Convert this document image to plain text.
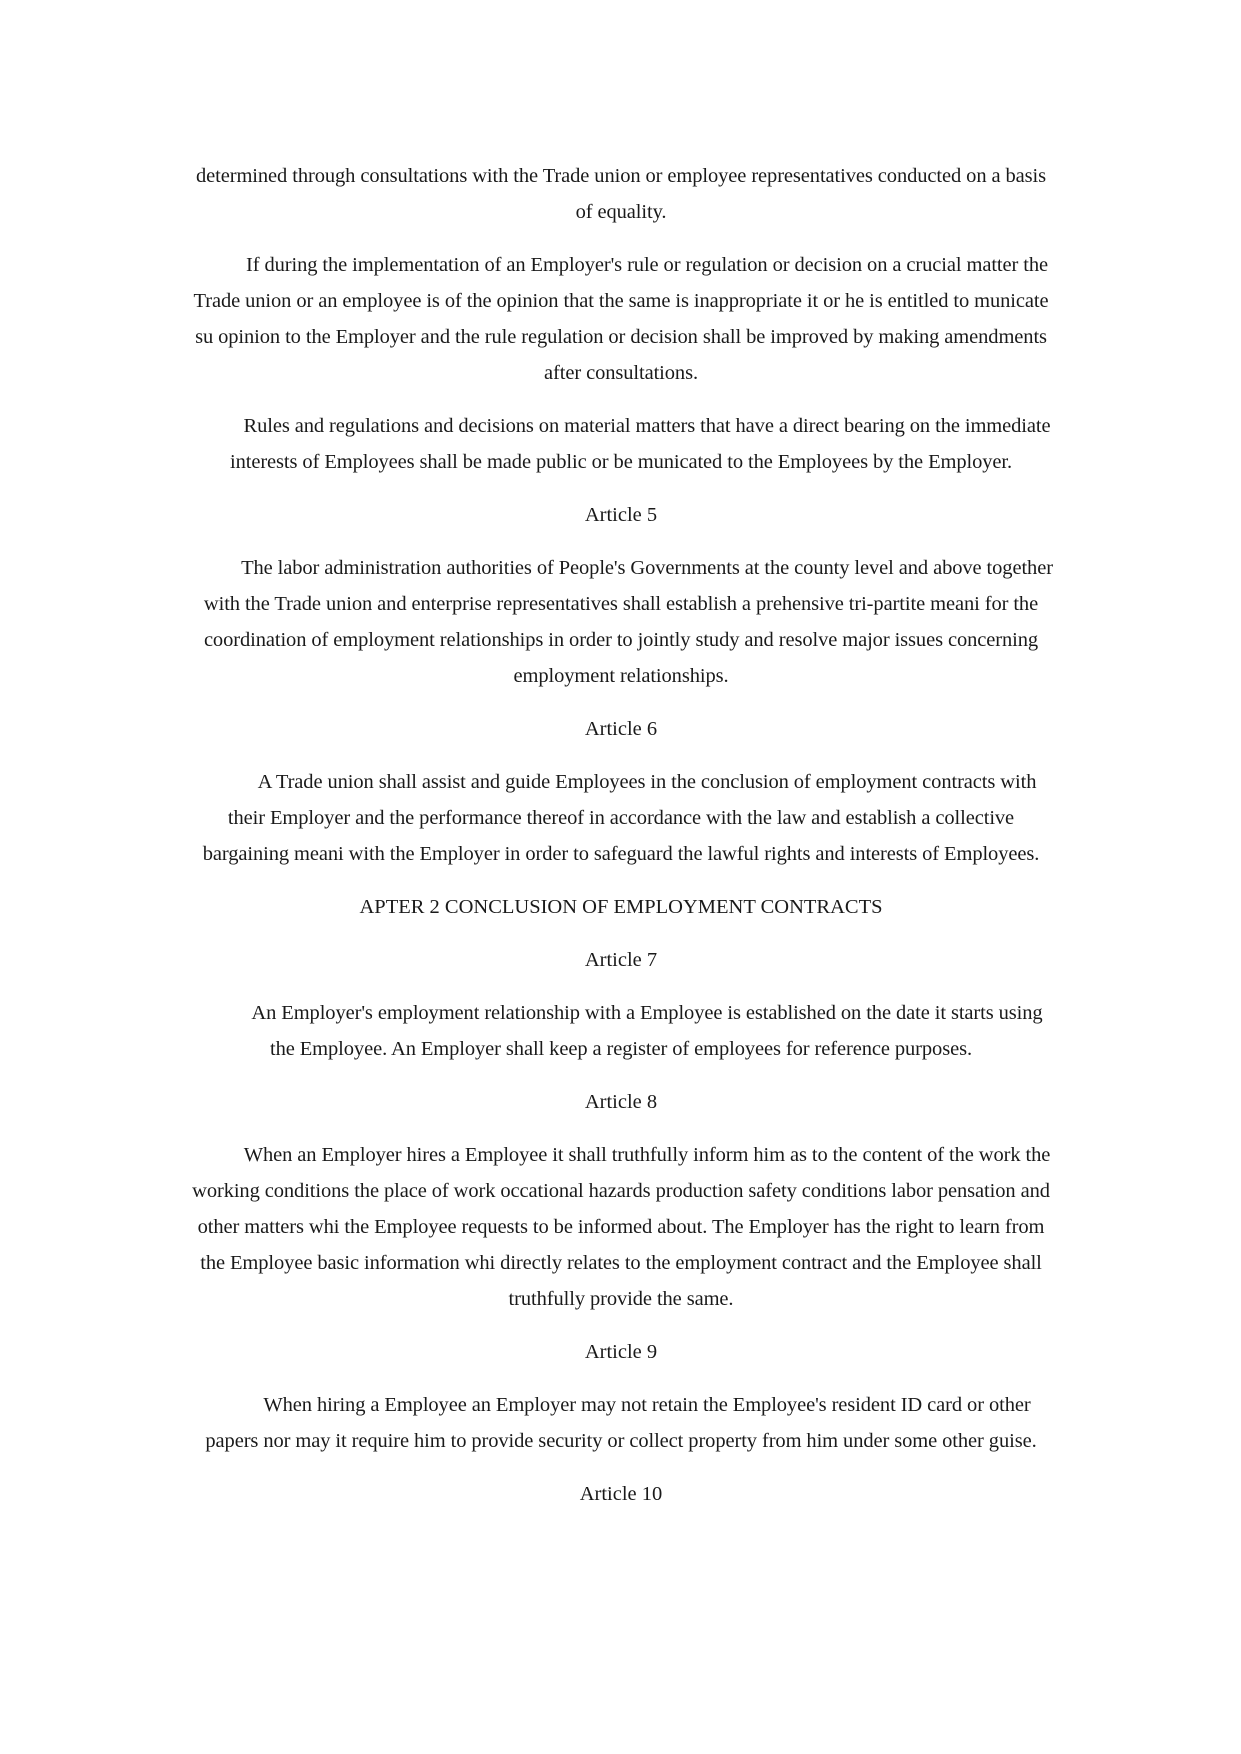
determined through consultations with the Trade union or employee representatives conducted on a basis of equality.

If during the implementation of an Employer's rule or regulation or decision on a crucial matter the Trade union or an employee is of the opinion that the same is inappropriate it or he is entitled to municate su opinion to the Employer and the rule regulation or decision shall be improved by making amendments after consultations.

Rules and regulations and decisions on material matters that have a direct bearing on the immediate interests of Employees shall be made public or be municated to the Employees by the Employer.

Article 5

The labor administration authorities of People's Governments at the county level and above together with the Trade union and enterprise representatives shall establish a prehensive tri-partite meani for the coordination of employment relationships in order to jointly study and resolve major issues concerning employment relationships.

Article 6

A Trade union shall assist and guide Employees in the conclusion of employment contracts with their Employer and the performance thereof in accordance with the law and establish a collective bargaining meani with the Employer in order to safeguard the lawful rights and interests of Employees.

APTER 2 CONCLUSION OF EMPLOYMENT CONTRACTS

Article 7

An Employer's employment relationship with a Employee is established on the date it starts using the Employee. An Employer shall keep a register of employees for reference purposes.

Article 8

When an Employer hires a Employee it shall truthfully inform him as to the content of the work the working conditions the place of work occational hazards production safety conditions labor pensation and other matters whi the Employee requests to be informed about. The Employer has the right to learn from the Employee basic information whi directly relates to the employment contract and the Employee shall truthfully provide the same.

Article 9

When hiring a Employee an Employer may not retain the Employee's resident ID card or other papers nor may it require him to provide security or collect property from him under some other guise.

Article 10
